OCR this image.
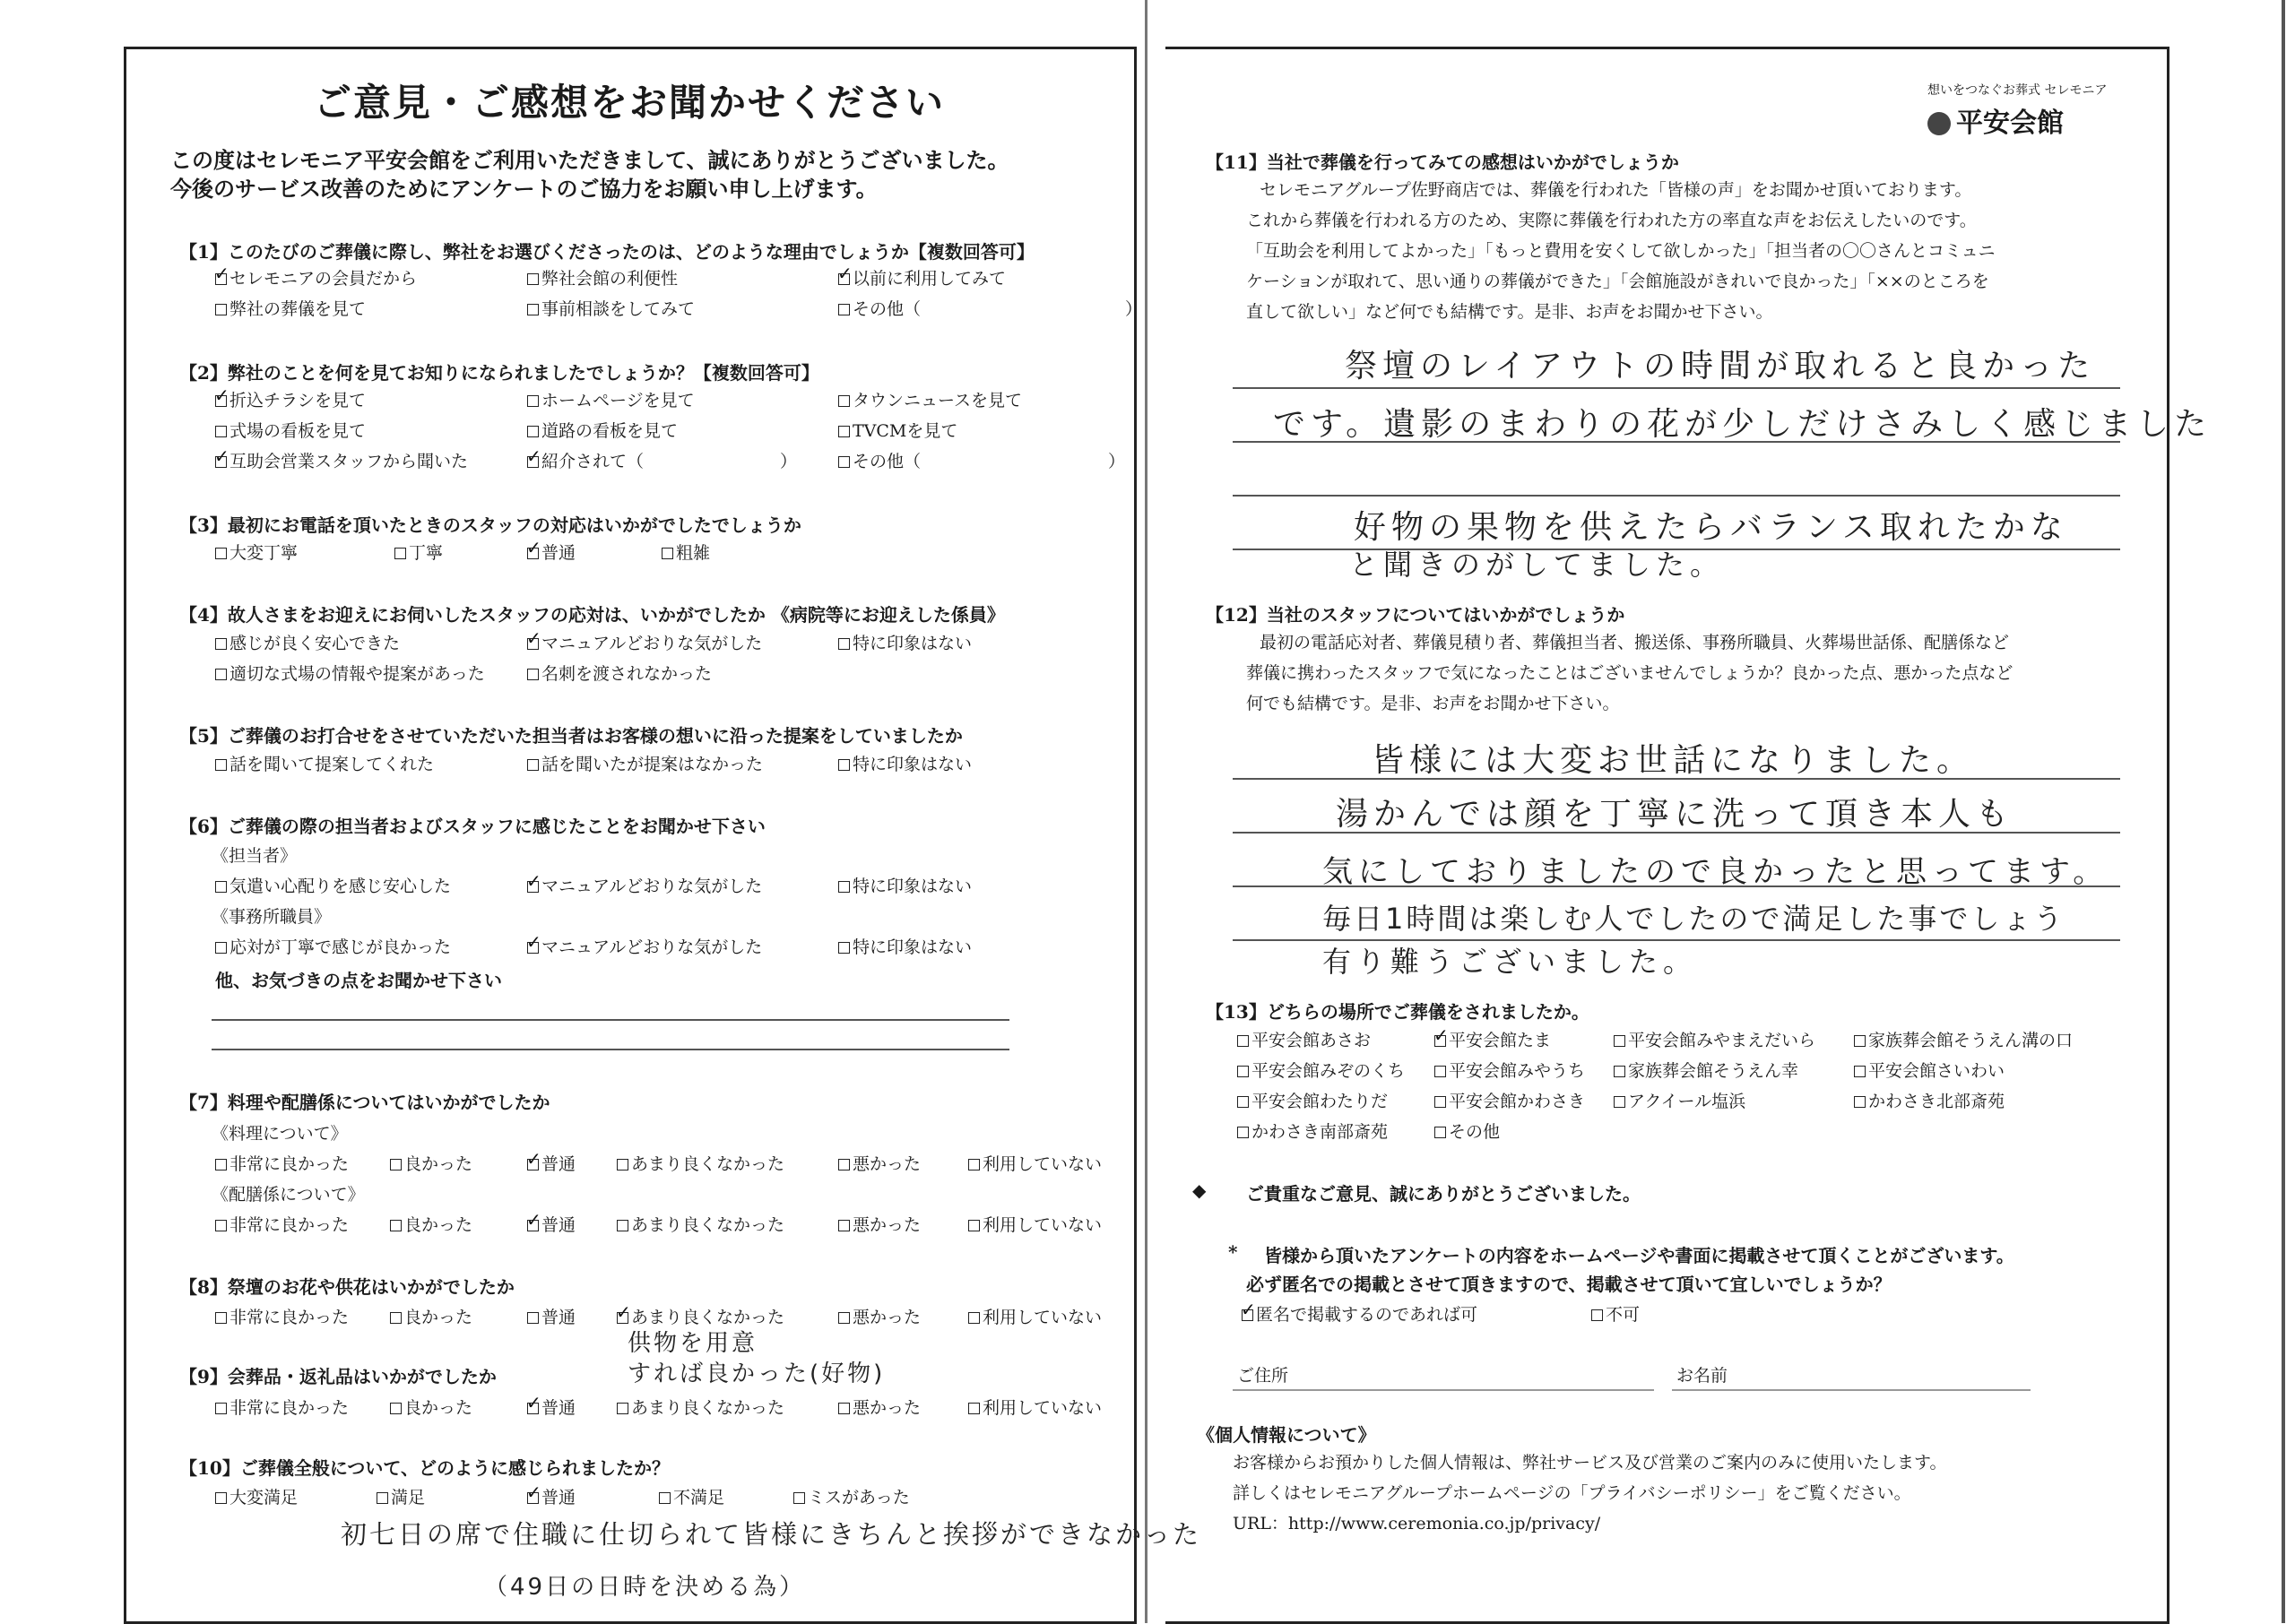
ご意見・ご感想をお聞かせください
この度はセレモニア平安会館をご利用いただきまして、誠にありがとうございました。
今後のサービス改善のためにアンケートのご協力をお願い申し上げます。
【1】このたびのご葬儀に際し、弊社をお選びくださったのは、どのような理由でしょうか【複数回答可】
✓セレモニアの会員だから	弊社会館の利便性 ✓	以前に利用してみて
弊社の葬儀を見て	事前相談をしてみて	その他（　　　　　　　　　　　　）
【2】弊社のことを何を見てお知りになられましたでしょうか？【複数回答可】
✓折込チラシを見て	ホームページを見て	タウンニュースを見て
式場の看板を見て	道路の看板を見て	TVCMを見て
✓互助会営業スタッフから聞いた ✓	紹介されて（　　　　　　　　）	その他（　　　　　　　　　　　）
【3】最初にお電話を頂いたときのスタッフの対応はいかがでしたでしょうか
大変丁寧	丁寧 ✓	普通	粗雑
【4】故人さまをお迎えにお伺いしたスタッフの応対は、いかがでしたか 《病院等にお迎えした係員》
感じが良く安心できた ✓	マニュアルどおりな気がした	特に印象はない
適切な式場の情報や提案があった	名刺を渡されなかった
【5】ご葬儀のお打合せをさせていただいた担当者はお客様の想いに沿った提案をしていましたか
話を聞いて提案してくれた	話を聞いたが提案はなかった	特に印象はない
【6】ご葬儀の際の担当者およびスタッフに感じたことをお聞かせ下さい
《担当者》
気遣い心配りを感じ安心した ✓	マニュアルどおりな気がした	特に印象はない
《事務所職員》
応対が丁寧で感じが良かった ✓	マニュアルどおりな気がした	特に印象はない
他、お気づきの点をお聞かせ下さい
【7】料理や配膳係についてはいかがでしたか
《料理について》
非常に良かった	良かった ✓	普通	あまり良くなかった	悪かった	利用していない
《配膳係について》
非常に良かった	良かった ✓	普通	あまり良くなかった	悪かった	利用していない
【8】祭壇のお花や供花はいかがでしたか
非常に良かった	良かった	普通 ✓	あまり良くなかった	悪かった	利用していない
供物を用意
すれば良かった(好物)
【9】会葬品・返礼品はいかがでしたか
非常に良かった	良かった ✓	普通	あまり良くなかった	悪かった	利用していない
【10】ご葬儀全般について、どのように感じられましたか？
大変満足	満足 ✓	普通	不満足	ミスがあった
初七日の席で住職に仕切られて皆様にきちんと挨拶ができなかった
（49日の日時を決める為）
想いをつなぐお葬式 セレモニア
平安会館
【11】当社で葬儀を行ってみての感想はいかがでしょうか
セレモニアグループ佐野商店では、葬儀を行われた「皆様の声」をお聞かせ頂いております。
これから葬儀を行われる方のため、実際に葬儀を行われた方の率直な声をお伝えしたいのです。
「互助会を利用してよかった」「もっと費用を安くして欲しかった」「担当者の〇〇さんとコミュニ
ケーションが取れて、思い通りの葬儀ができた」「会館施設がきれいで良かった」「××のところを
直して欲しい」など何でも結構です。是非、お声をお聞かせ下さい。
祭壇のレイアウトの時間が取れると良かった
です。遺影のまわりの花が少しだけさみしく感じました
好物の果物を供えたらバランス取れたかな
と聞きのがしてました。
【12】当社のスタッフについてはいかがでしょうか
最初の電話応対者、葬儀見積り者、葬儀担当者、搬送係、事務所職員、火葬場世話係、配膳係など
葬儀に携わったスタッフで気になったことはございませんでしょうか？良かった点、悪かった点など
何でも結構です。是非、お声をお聞かせ下さい。
皆様には大変お世話になりました。
湯かんでは顔を丁寧に洗って頂き本人も
気にしておりましたので良かったと思ってます。
毎日1時間は楽しむ人でしたので満足した事でしょう
有り難うございました。
【13】どちらの場所でご葬儀をされましたか。
平安会館あさお ✓	平安会館たま	平安会館みやまえだいら	家族葬会館そうえん溝の口
平安会館みぞのくち	平安会館みやうち	家族葬会館そうえん幸	平安会館さいわい
平安会館わたりだ	平安会館かわさき	アクイール塩浜	かわさき北部斎苑
かわさき南部斎苑	その他
◆ ご貴重なご意見、誠にありがとうございました。
* 皆様から頂いたアンケートの内容をホームページや書面に掲載させて頂くことがございます。
必ず匿名での掲載とさせて頂きますので、掲載させて頂いて宜しいでしょうか？
✓匿名で掲載するのであれば可	不可
ご住所	お名前
《個人情報について》
お客様からお預かりした個人情報は、弊社サービス及び営業のご案内のみに使用いたします。
詳しくはセレモニアグループホームページの「プライバシーポリシー」をご覧ください。
URL：http://www.ceremonia.co.jp/privacy/
